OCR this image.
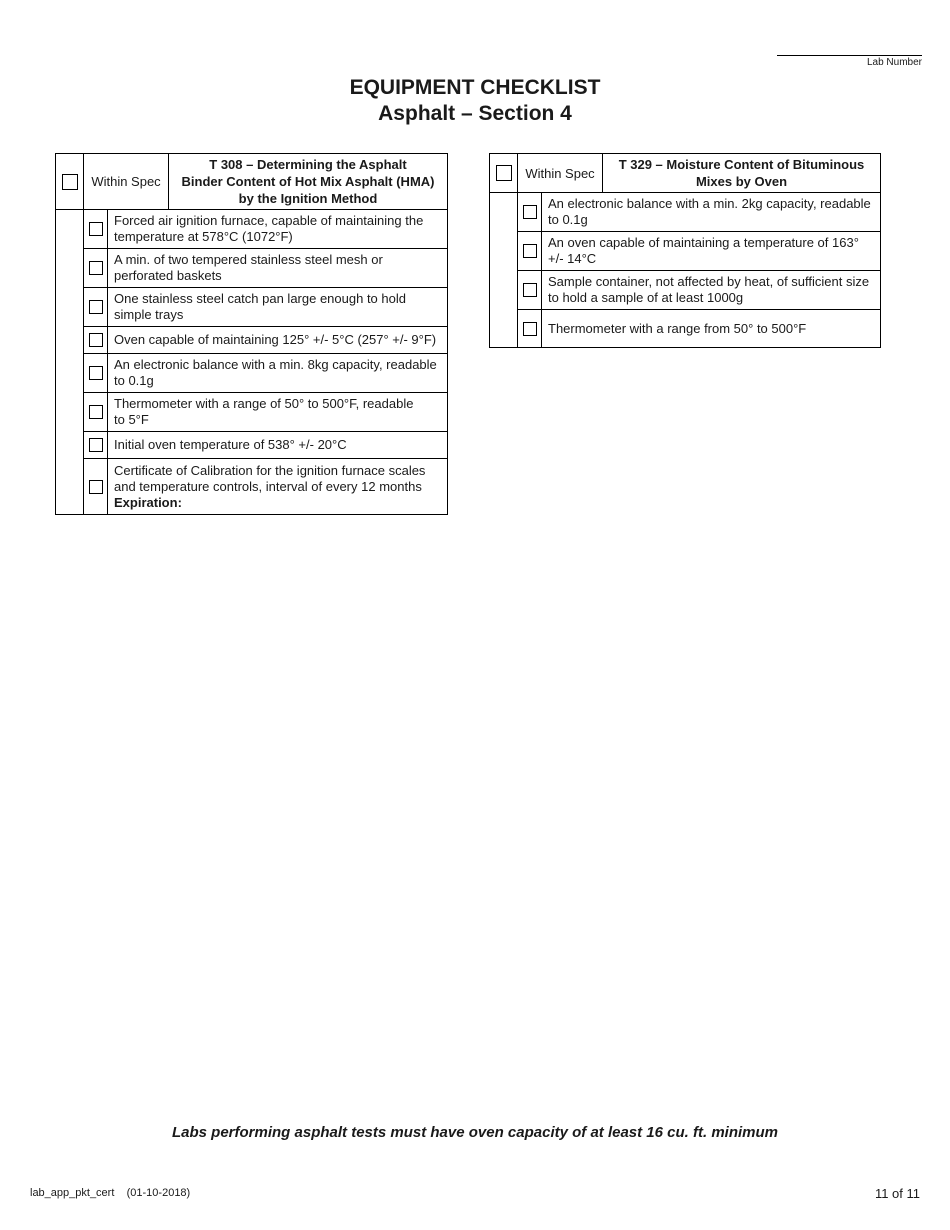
Lab Number
EQUIPMENT CHECKLIST
Asphalt – Section 4
	Within Spec		T 308 – Determining the Asphalt
Binder Content of Hot Mix Asphalt (HMA)
by the Ignition Method

		Forced air ignition furnace, capable of maintaining the
temperature at 578°C (1072°F)	

		A min. of two tempered stainless steel mesh or
perforated baskets	

		One stainless steel catch pan large enough to hold
simple trays	

		Oven capable of maintaining 125° +/- 5°C (257° +/- 9°F)	

		An electronic balance with a min. 8kg capacity, readable
to 0.1g	

		Thermometer with a range of 50° to 500°F, readable
to 5°F	

		Initial oven temperature of 538° +/- 20°C	

		Certificate of Calibration for the ignition furnace scales
and temperature controls, interval of every 12 months
Expiration:	
	Within Spec		T 329 – Moisture Content of Bituminous
Mixes by Oven

		An electronic balance with a min. 2kg capacity, readable
to 0.1g	

		An oven capable of maintaining a temperature of 163°
+/- 14°C	

		Sample container, not affected by heat, of sufficient size
to hold a sample of at least 1000g	

		Thermometer with a range from 50° to 500°F	
Labs performing asphalt tests must have oven capacity of at least 16 cu. ft. minimum
lab_app_pkt_cert    (01-10-2018)	11 of 11
